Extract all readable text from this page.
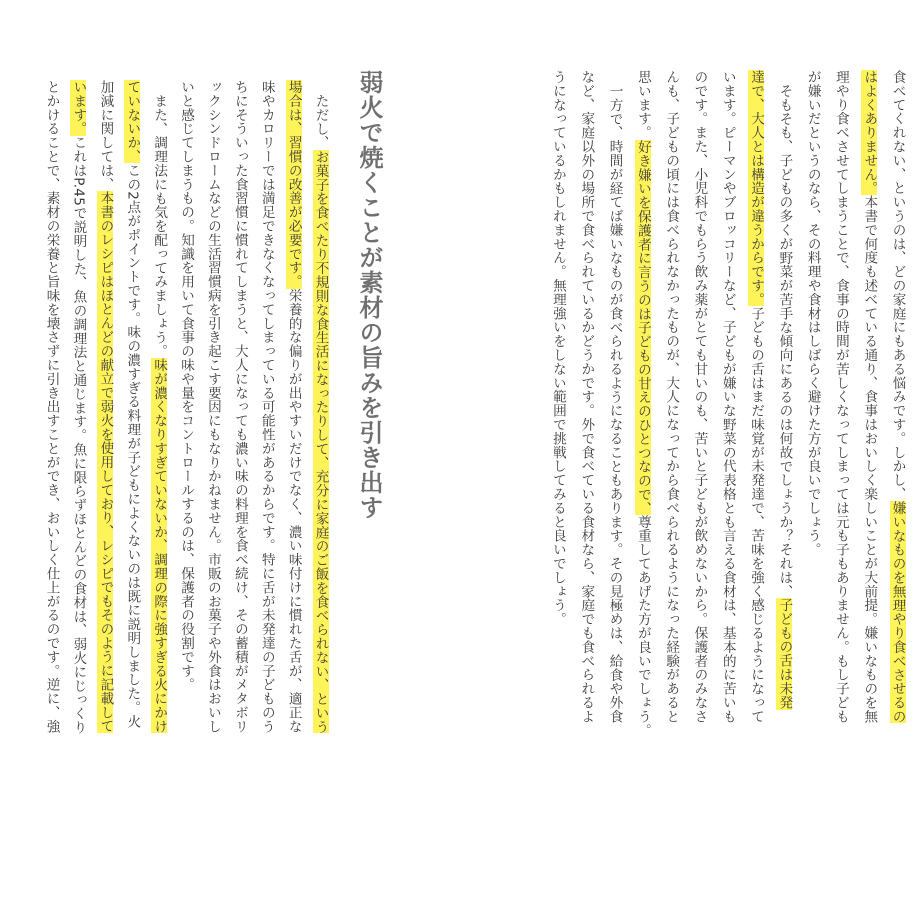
弱火で焼くことが素材の旨みを引き出す	食べてくれない、というのは、どの家庭にもある悩みです。しかし、嫌いなものを無理やり食べさせるの
はよくありません。本書で何度も述べている通り、食事はおいしく楽しいことが大前提。嫌いなものを無
理やり食べさせてしまうことで、食事の時間が苦しくなってしまっては元も子もありません。もし子ども
が嫌いだというのなら、その料理や食材はしばらく避けた方が良いでしょう。
そもそも、子どもの多くが野菜が苦手な傾向にあるのは何故でしょうか？それは、子どもの舌は未発
達で、大人とは構造が違うからです。子どもの舌はまだ味覚が未発達で、苦味を強く感じるようになって
います。ピーマンやブロッコリーなど、子どもが嫌いな野菜の代表格とも言える食材は、基本的に苦いも
のです。また、小児科でもらう飲み薬がとても甘いのも、苦いと子どもが飲めないから。保護者のみなさ
んも、子どもの頃には食べられなかったものが、大人になってから食べられるようになった経験があると
思います。好き嫌いを保護者に言うのは子どもの甘えのひとつなので、尊重してあげた方が良いでしょう。
一方で、時間が経てば嫌いなものが食べられるようになることもあります。その見極めは、給食や外食
など、家庭以外の場所で食べられているかどうかです。外で食べている食材なら、家庭でも食べられるよ
うになっているかもしれません。無理強いをしない範囲で挑戦してみると良いでしょう。
ただし、お菓子を食べたり不規則な食生活になったりして、充分に家庭のご飯を食べられない、という
場合は、習慣の改善が必要です。栄養的な偏りが出やすいだけでなく、濃い味付けに慣れた舌が、適正な
味やカロリーでは満足できなくなってしまっている可能性があるからです。特に舌が未発達の子どものう
ちにそういった食習慣に慣れてしまうと、大人になっても濃い味の料理を食べ続け、その蓄積がメタボリ
ックシンドロームなどの生活習慣病を引き起こす要因にもなりかねません。市販のお菓子や外食はおいし
いと感じてしまうもの。知識を用いて食事の味や量をコントロールするのは、保護者の役割です。
また、調理法にも気を配ってみましょう。味が濃くなりすぎていないか、調理の際に強すぎる火にかけ
ていないか、この2点がポイントです。味の濃すぎる料理が子どもによくないのは既に説明しました。火
加減に関しては、本書のレシピはほとんどの献立で弱火を使用しており、レシピでもそのように記載して
います。これはP.45で説明した、魚の調理法と通じます。魚に限らずほとんどの食材は、弱火にじっくり
とかけることで、素材の栄養と旨味を壊さずに引き出すことができ、おいしく仕上がるのです。逆に、強
